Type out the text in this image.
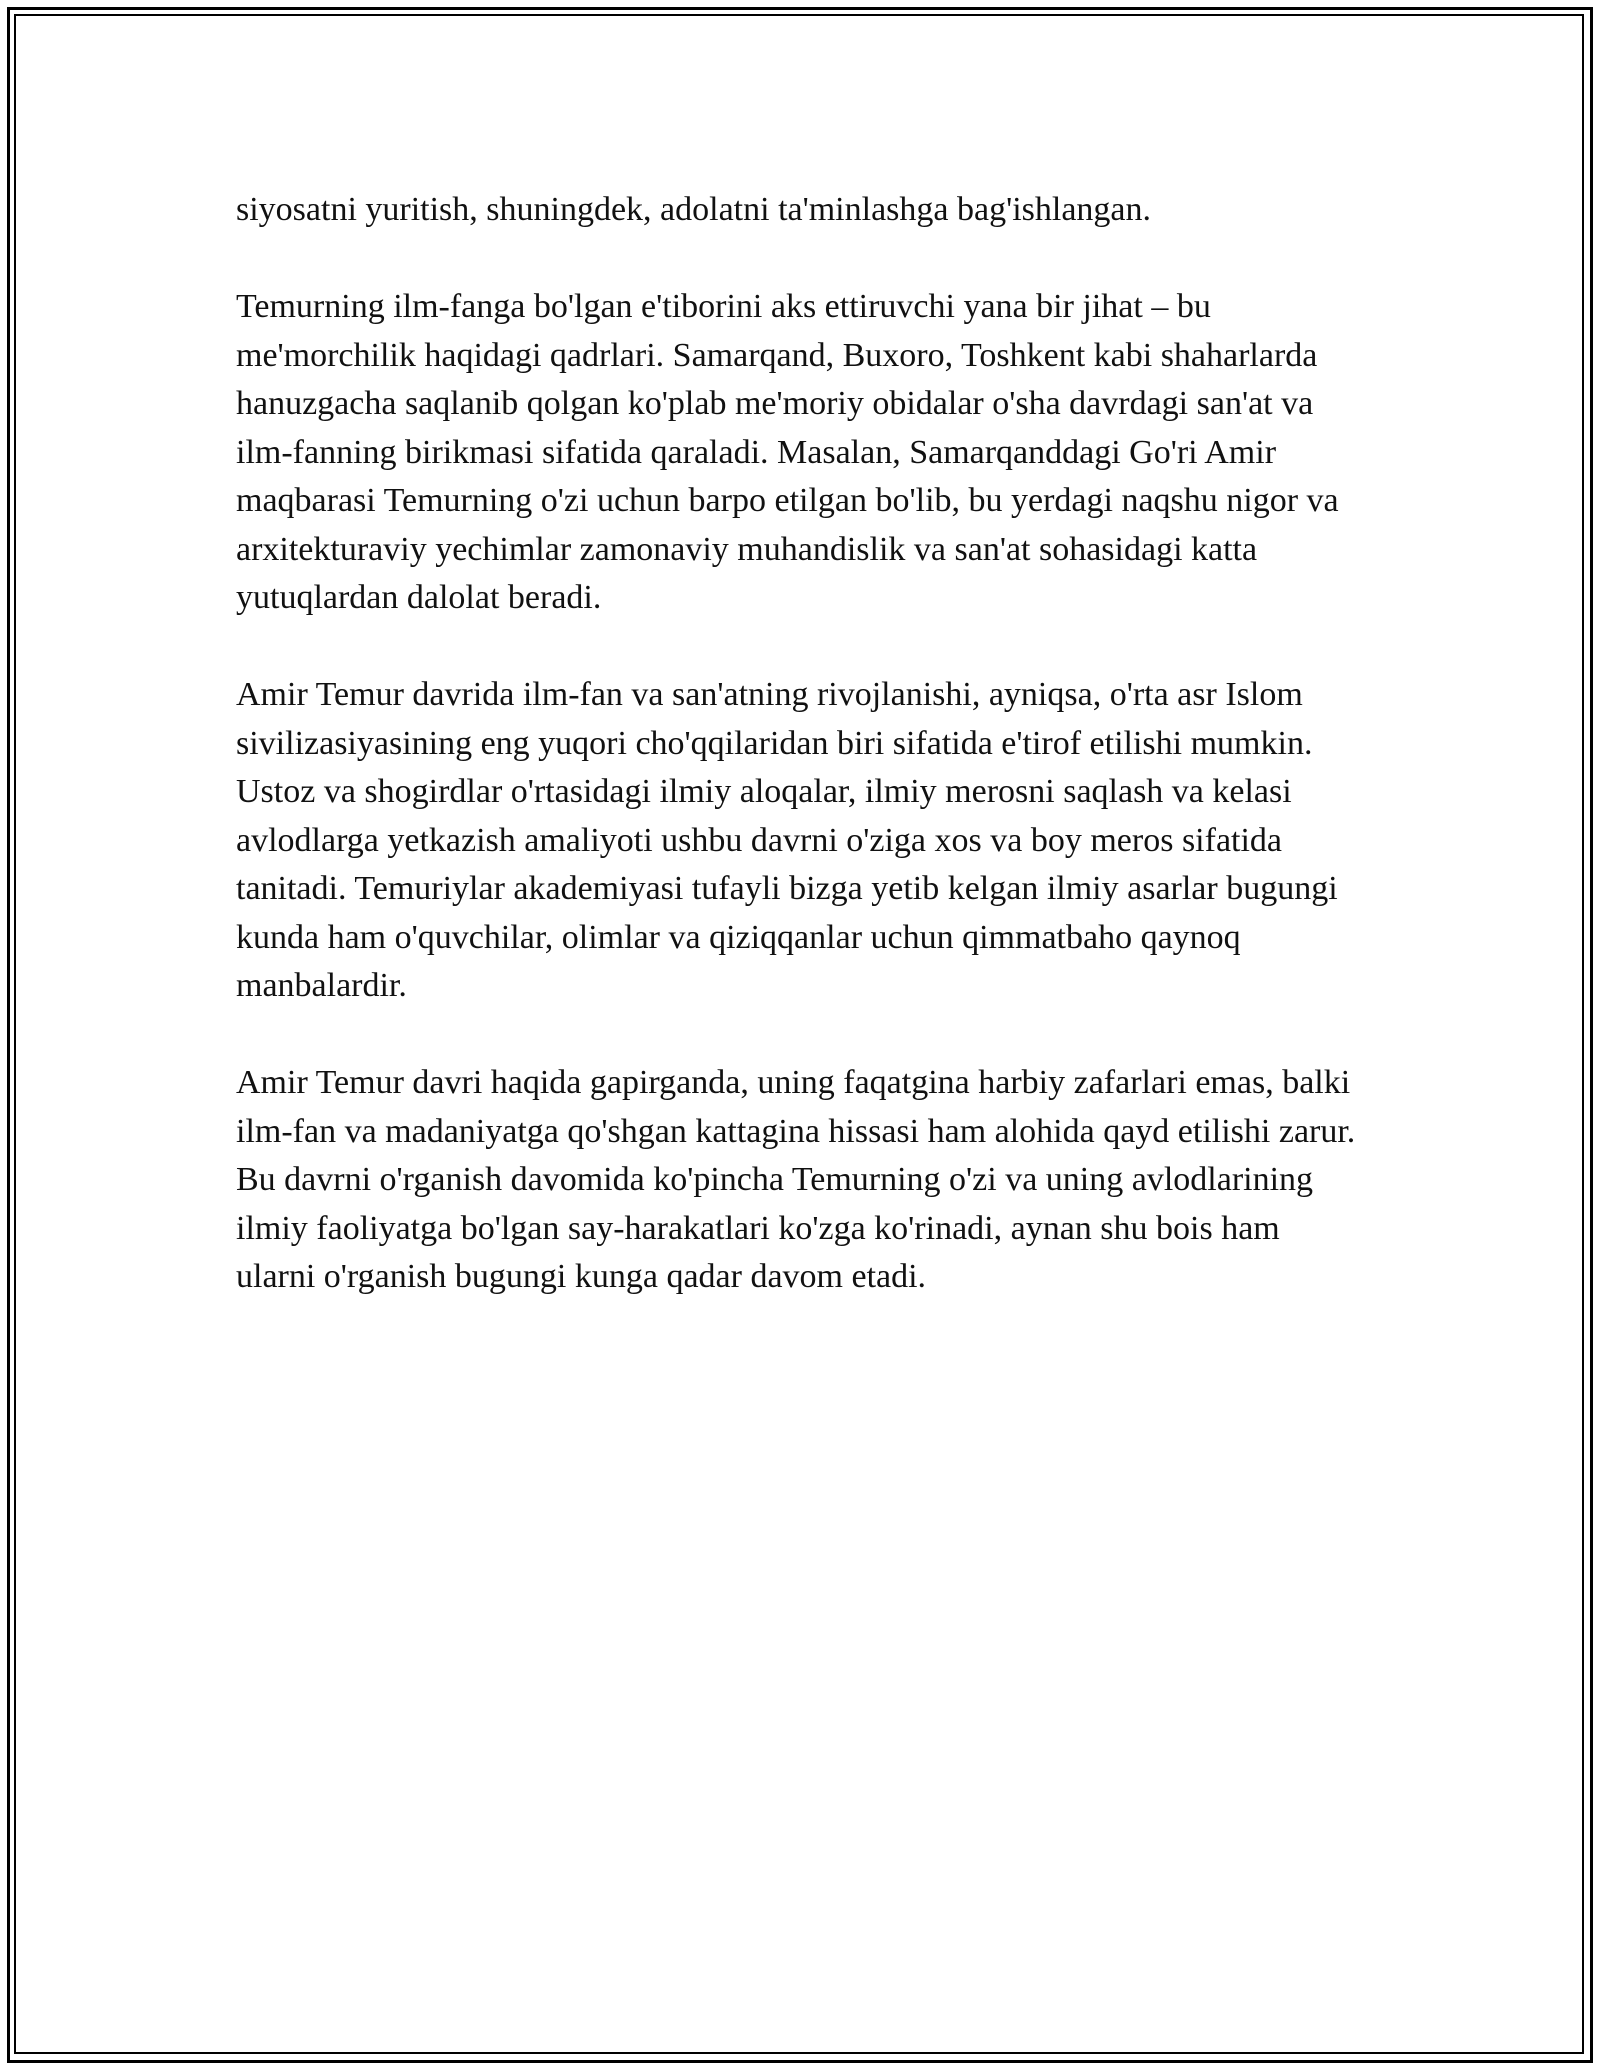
siyosatni yuritish, shuningdek, adolatni ta'minlashga bag'ishlangan.

Temurning ilm-fanga bo'lgan e'tiborini aks ettiruvchi yana bir jihat – bu me'morchilik haqidagi qadrlari. Samarqand, Buxoro, Toshkent kabi shaharlarda hanuzgacha saqlanib qolgan ko'plab me'moriy obidalar o'sha davrdagi san'at va ilm-fanning birikmasi sifatida qaraladi. Masalan, Samarqanddagi Go'ri Amir maqbarasi Temurning o'zi uchun barpo etilgan bo'lib, bu yerdagi naqshu nigor va arxitekturaviy yechimlar zamonaviy muhandislik va san'at sohasidagi katta yutuqlardan dalolat beradi.

Amir Temur davrida ilm-fan va san'atning rivojlanishi, ayniqsa, o'rta asr Islom sivilizasiyasining eng yuqori cho'qqilaridan biri sifatida e'tirof etilishi mumkin. Ustoz va shogirdlar o'rtasidagi ilmiy aloqalar, ilmiy merosni saqlash va kelasi avlodlarga yetkazish amaliyoti ushbu davrni o'ziga xos va boy meros sifatida tanitadi. Temuriylar akademiyasi tufayli bizga yetib kelgan ilmiy asarlar bugungi kunda ham o'quvchilar, olimlar va qiziqqanlar uchun qimmatbaho qaynoq manbalardir.

Amir Temur davri haqida gapirganda, uning faqatgina harbiy zafarlari emas, balki ilm-fan va madaniyatga qo'shgan kattagina hissasi ham alohida qayd etilishi zarur. Bu davrni o'rganish davomida ko'pincha Temurning o'zi va uning avlodlarining ilmiy faoliyatga bo'lgan say-harakatlari ko'zga ko'rinadi, aynan shu bois ham ularni o'rganish bugungi kunga qadar davom etadi.
